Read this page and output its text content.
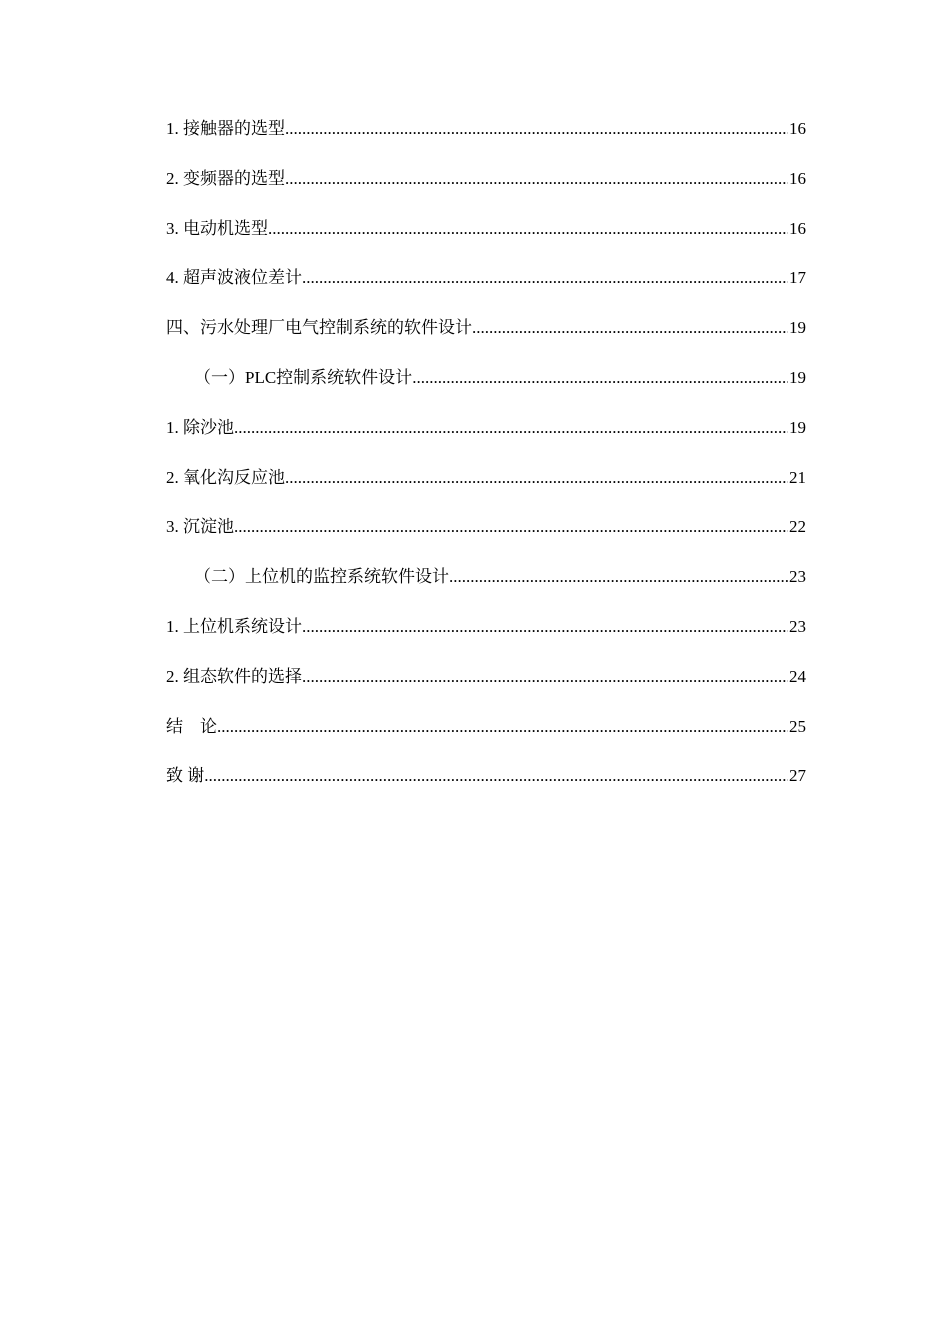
1. 接触器的选型 .....	16
2. 变频器的选型 .....	16
3. 电动机选型 .....	16
4. 超声波液位差计 .....	17
四、污水处理厂电气控制系统的软件设计 .....	19
（一）PLC控制系统软件设计 .....	19
1. 除沙池 .....	19
2. 氧化沟反应池 .....	21
3. 沉淀池 .....	22
（二）上位机的监控系统软件设计 .....	23
1. 上位机系统设计 .....	23
2. 组态软件的选择 .....	24
结　论 .....	25
致 谢 .....	27
